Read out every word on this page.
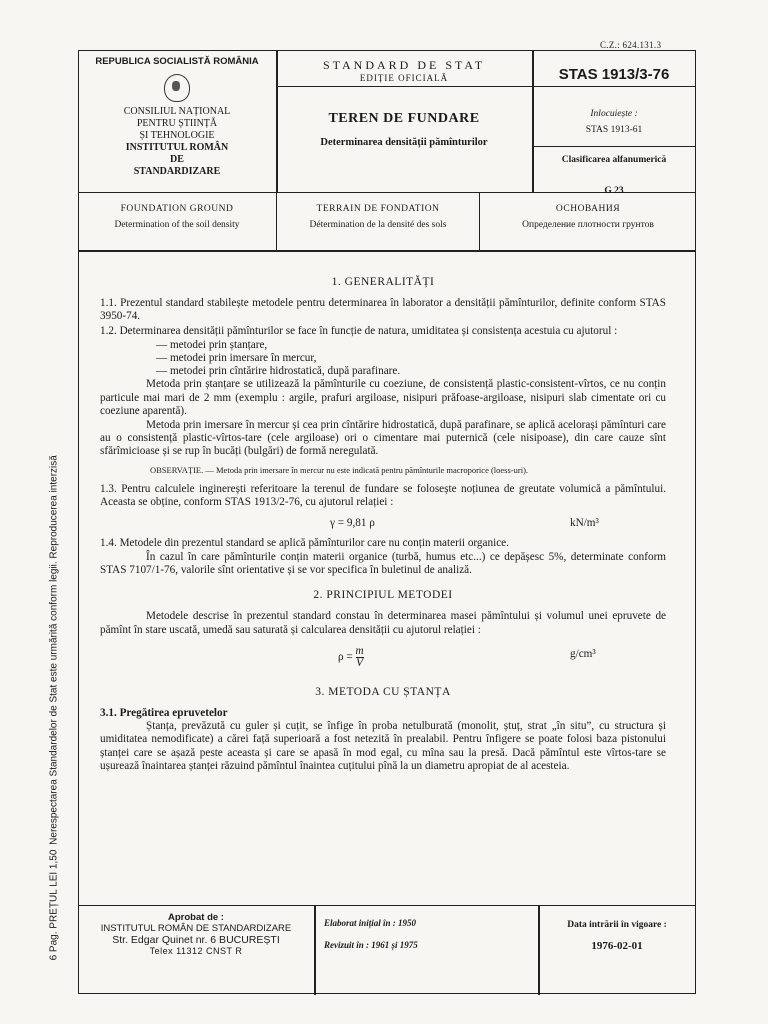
C.Z.: 624.131.3
Nerespectarea Standardelor de Stat este urmărită conform legii. Reproducerea interzisă
6 Pag. PREȚUL LEI 1,50
REPUBLICA SOCIALISTĂ ROMÂNIA
CONSILIUL NAȚIONAL
PENTRU ȘTIINȚĂ
ȘI TEHNOLOGIE
INSTITUTUL ROMÂN
DE
STANDARDIZARE
STANDARD DE STAT
EDIȚIE OFICIALĂ
TEREN DE FUNDARE
Determinarea densității pămînturilor
STAS 1913/3-76
Inlocuiește :
STAS 1913-61
Clasificarea alfanumerică
G 23
FOUNDATION GROUND
Determination of the soil density
TERRAIN DE FONDATION
Détermination de la densité des sols
ОСНОВАНИЯ
Определение плотности грунтов
1. GENERALITĂȚI

1.1. Prezentul standard stabilește metodele pentru determinarea în laborator a densității pămînturilor, definite conform STAS 3950-74.

1.2. Determinarea densității pămînturilor se face în funcție de natura, umiditatea și consistența acestuia cu ajutorul :

— metodei prin ștanțare,
— metodei prin imersare în mercur,
— metodei prin cîntărire hidrostatică, după parafinare.

Metoda prin ștanțare se utilizează la pămînturile cu coeziune, de consistență plastic-consistent-vîrtos, ce nu conțin particule mai mari de 2 mm (exemplu : argile, prafuri argiloase, nisipuri prăfoase-argiloase, nisipuri slab cimentate ori cu coeziune aparentă).

Metoda prin imersare în mercur și cea prin cîntărire hidrostatică, după parafinare, se aplică acelorași pămînturi care au o consistență plastic-vîrtos-tare (cele argiloase) ori o cimentare mai puternică (cele nisipoase), din care cauze sînt sfărîmicioase și se rup în bucăți (bulgări) de formă neregulată.

OBSERVAȚIE. — Metoda prin imersare în mercur nu este indicată pentru pămînturile macroporice (loess-uri).

1.3. Pentru calculele inginerești referitoare la terenul de fundare se folosește noțiunea de greutate volumică a pămîntului. Aceasta se obține, conform STAS 1913/2-76, cu ajutorul relației :

γ = 9,81 ρ	kN/m³

1.4. Metodele din prezentul standard se aplică pămînturilor care nu conțin materii organice.

În cazul în care pămînturile conțin materii organice (turbă, humus etc...) ce depășesc 5%, determinate conform STAS 7107/1-76, valorile sînt orientative și se vor specifica în buletinul de analiză.

2. PRINCIPIUL METODEI

Metodele descrise în prezentul standard constau în determinarea masei pămîntului și volumul unei epruvete de pămînt în stare uscată, umedă sau saturată și calcularea densității cu ajutorul relației :

$\rho = \frac{m}{V}$	g/cm³
3. METODA CU ȘTANȚA
3.1. Pregătirea epruvetelor

Ștanța, prevăzută cu guler și cuțit, se înfige în proba netulburată (monolit, ștuț, strat „în situ”, cu structura și umiditatea nemodificate) a cărei față superioară a fost netezită în prealabil. Pentru înfigere se poate folosi baza pistonului ștanței care se așază peste aceasta și care se apasă în mod egal, cu mîna sau la presă. Dacă pămîntul este vîrtos-tare se ușurează înaintarea ștanței răzuind pămîntul înaintea cuțitului pînă la un diametru apropiat de al acesteia.

Aprobat de :
INSTITUTUL ROMÂN DE STANDARDIZARE
Str. Edgar Quinet nr. 6 BUCUREȘTI
Telex 11312 CNST R
Elaborat inițial în : 1950
Revizuit în : 1961 și 1975
Data intrării în vigoare :
1976-02-01
